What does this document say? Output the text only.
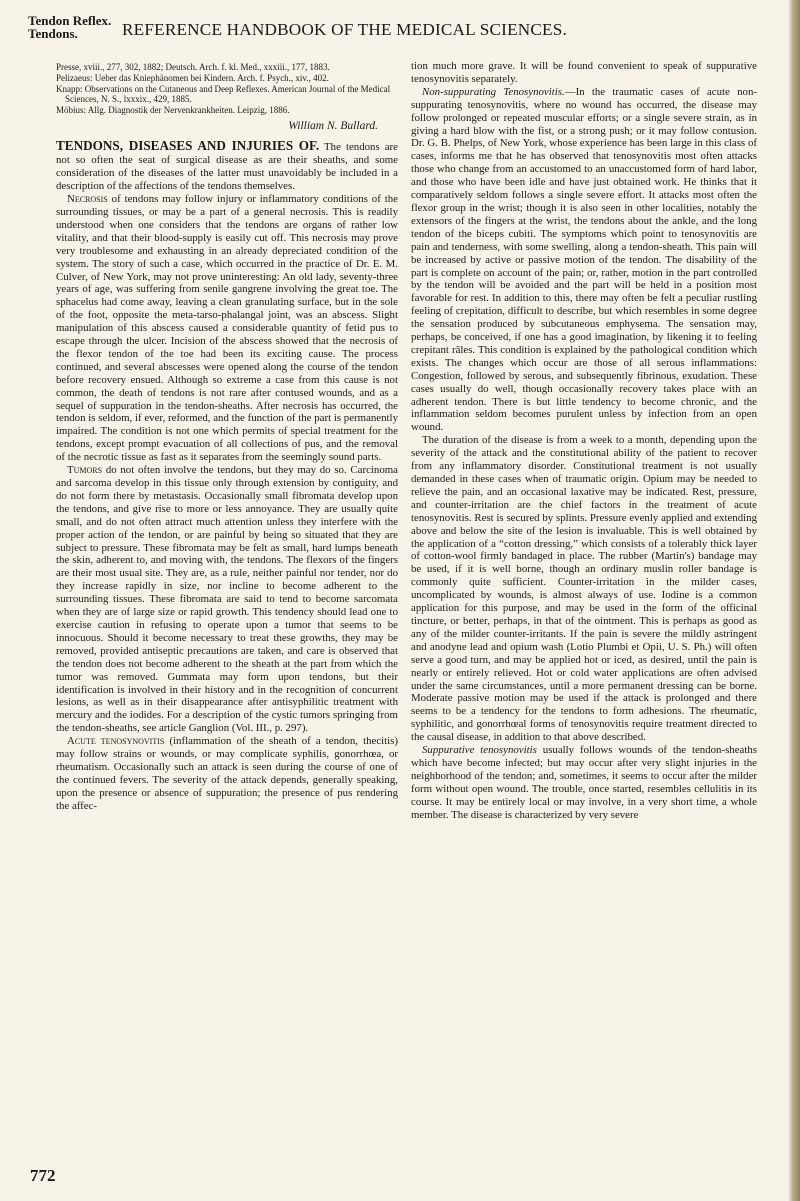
Tendon Reflex.
Tendons.	REFERENCE HANDBOOK OF THE MEDICAL SCIENCES.
Presse, xviii., 277, 302, 1882; Deutsch. Arch. f. kl. Med., xxxiii., 177, 1883.
Pelizaeus: Ueber das Kniephänomen bei Kindern. Arch. f. Psych., xiv., 402.
Knapp: Observations on the Cutaneous and Deep Reflexes. American Journal of the Medical Sciences, N. S., lxxxix., 429, 1885.
Möbius: Allg. Diagnostik der Nervenkrankheiten. Leipzig, 1886.
William N. Bullard.

TENDONS, DISEASES AND INJURIES OF. The tendons are not so often the seat of surgical disease as are their sheaths, and some consideration of the diseases of the latter must unavoidably be included in a description of the affections of the tendons themselves.

Necrosis of tendons may follow injury or inflammatory conditions of the surrounding tissues, or may be a part of a general necrosis. This is readily understood when one considers that the tendons are organs of rather low vitality, and that their blood-supply is easily cut off. This necrosis may prove very troublesome and exhausting in an already depreciated condition of the system. The story of such a case, which occurred in the practice of Dr. E. M. Culver, of New York, may not prove uninteresting: An old lady, seventy-three years of age, was suffering from senile gangrene involving the great toe. The sphacelus had come away, leaving a clean granulating surface, but in the sole of the foot, opposite the meta-tarso-phalangal joint, was an abscess. Slight manipulation of this abscess caused a considerable quantity of fetid pus to escape through the ulcer. Incision of the abscess showed that the necrosis of the flexor tendon of the toe had been its exciting cause. The process continued, and several abscesses were opened along the course of the tendon before recovery ensued. Although so extreme a case from this cause is not common, the death of tendons is not rare after contused wounds, and as a sequel of suppuration in the tendon-sheaths. After necrosis has occurred, the tendon is seldom, if ever, reformed, and the function of the part is permanently impaired. The condition is not one which permits of special treatment for the tendons, except prompt evacuation of all collections of pus, and the removal of the necrotic tissue as fast as it separates from the seemingly sound parts.

Tumors do not often involve the tendons, but they may do so. Carcinoma and sarcoma develop in this tissue only through extension by contiguity, and do not form there by metastasis. Occasionally small fibromata develop upon the tendons, and give rise to more or less annoyance. They are usually quite small, and do not often attract much attention unless they interfere with the proper action of the tendon, or are painful by being so situated that they are subject to pressure. These fibromata may be felt as small, hard lumps beneath the skin, adherent to, and moving with, the tendons. The flexors of the fingers are their most usual site. They are, as a rule, neither painful nor tender, nor do they increase rapidly in size, nor incline to become adherent to the surrounding tissues. These fibromata are said to tend to become sarcomata when they are of large size or rapid growth. This tendency should lead one to exercise caution in refusing to operate upon a tumor that seems to be innocuous. Should it become necessary to treat these growths, they may be removed, provided antiseptic precautions are taken, and care is observed that the tendon does not become adherent to the sheath at the part from which the tumor was removed. Gummata may form upon tendons, but their identification is involved in their history and in the recognition of concurrent lesions, as well as in their disappearance after antisyphilitic treatment with mercury and the iodides. For a description of the cystic tumors springing from the tendon-sheaths, see article Ganglion (Vol. III., p. 297).

Acute tenosynovitis (inflammation of the sheath of a tendon, thecitis) may follow strains or wounds, or may complicate syphilis, gonorrhœa, or rheumatism. Occasionally such an attack is seen during the course of one of the continued fevers. The severity of the attack depends, generally speaking, upon the presence or absence of suppuration; the presence of pus rendering the affec-

tion much more grave. It will be found convenient to speak of suppurative tenosynovitis separately.

Non-suppurating Tenosynovitis.—In the traumatic cases of acute non-suppurating tenosynovitis, where no wound has occurred, the disease may follow prolonged or repeated muscular efforts; or a single severe strain, as in giving a hard blow with the fist, or a strong push; or it may follow contusion. Dr. G. B. Phelps, of New York, whose experience has been large in this class of cases, informs me that he has observed that tenosynovitis most often attacks those who change from an accustomed to an unaccustomed form of hard labor, and those who have been idle and have just obtained work. He thinks that it comparatively seldom follows a single severe effort. It attacks most often the flexor group in the wrist; though it is also seen in other localities, notably the extensors of the fingers at the wrist, the tendons about the ankle, and the long tendon of the biceps cubiti. The symptoms which point to tenosynovitis are pain and tenderness, with some swelling, along a tendon-sheath. This pain will be increased by active or passive motion of the tendon. The disability of the part is complete on account of the pain; or, rather, motion in the part controlled by the tendon will be avoided and the part will be held in a position most favorable for rest. In addition to this, there may often be felt a peculiar rustling feeling of crepitation, difficult to describe, but which resembles in some degree the sensation produced by subcutaneous emphysema. The sensation may, perhaps, be conceived, if one has a good imagination, by likening it to feeling crepitant râles. This condition is explained by the pathological condition which exists. The changes which occur are those of all serous inflammations: Congestion, followed by serous, and subsequently fibrinous, exudation. These cases usually do well, though occasionally recovery takes place with an adherent tendon. There is but little tendency to become chronic, and the inflammation seldom becomes purulent unless by infection from an open wound.

The duration of the disease is from a week to a month, depending upon the severity of the attack and the constitutional ability of the patient to recover from any inflammatory disorder. Constitutional treatment is not usually demanded in these cases when of traumatic origin. Opium may be needed to relieve the pain, and an occasional laxative may be indicated. Rest, pressure, and counter-irritation are the chief factors in the treatment of acute tenosynovitis. Rest is secured by splints. Pressure evenly applied and extending above and below the site of the lesion is invaluable. This is well obtained by the application of a “cotton dressing,” which consists of a tolerably thick layer of cotton-wool firmly bandaged in place. The rubber (Martin's) bandage may be used, if it is well borne, though an ordinary muslin roller bandage is commonly quite sufficient. Counter-irritation in the milder cases, uncomplicated by wounds, is almost always of use. Iodine is a common application for this purpose, and may be used in the form of the officinal tincture, or better, perhaps, in that of the ointment. This is perhaps as good as any of the milder counter-irritants. If the pain is severe the mildly astringent and anodyne lead and opium wash (Lotio Plumbi et Opii, U. S. Ph.) will often serve a good turn, and may be applied hot or iced, as desired, until the pain is nearly or entirely relieved. Hot or cold water applications are often advised under the same circumstances, until a more permanent dressing can be borne. Moderate passive motion may be used if the attack is prolonged and there seems to be a tendency for the tendons to form adhesions. The rheumatic, syphilitic, and gonorrhœal forms of tenosynovitis require treatment directed to the causal disease, in addition to that above described.

Suppurative tenosynovitis usually follows wounds of the tendon-sheaths which have become infected; but may occur after very slight injuries in the neighborhood of the tendon; and, sometimes, it seems to occur after the milder form without open wound. The trouble, once started, resembles cellulitis in its course. It may be entirely local or may involve, in a very short time, a whole member. The disease is characterized by very severe

772
